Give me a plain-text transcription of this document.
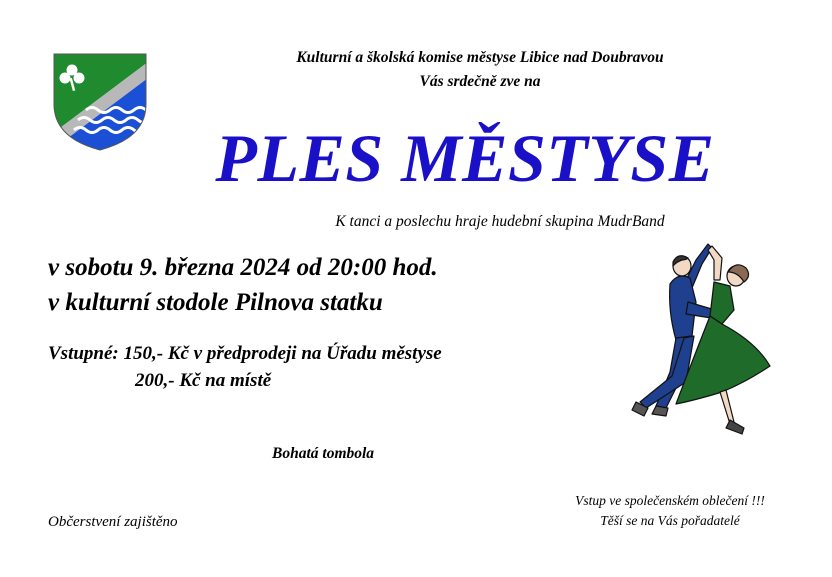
Kulturní a školská komise městyse Libice nad Doubravou
Vás srdečně zve na
PLES MĚSTYSE
K tanci a poslechu hraje hudební skupina MudrBand
v sobotu 9. března 2024 od 20:00 hod.
v kulturní stodole Pilnova statku
Vstupné: 150,- Kč v předprodeji na Úřadu městyse
200,- Kč na místě
Bohatá tombola
Občerstvení zajištěno
Vstup ve společenském oblečení !!!
Těší se na Vás pořadatelé
